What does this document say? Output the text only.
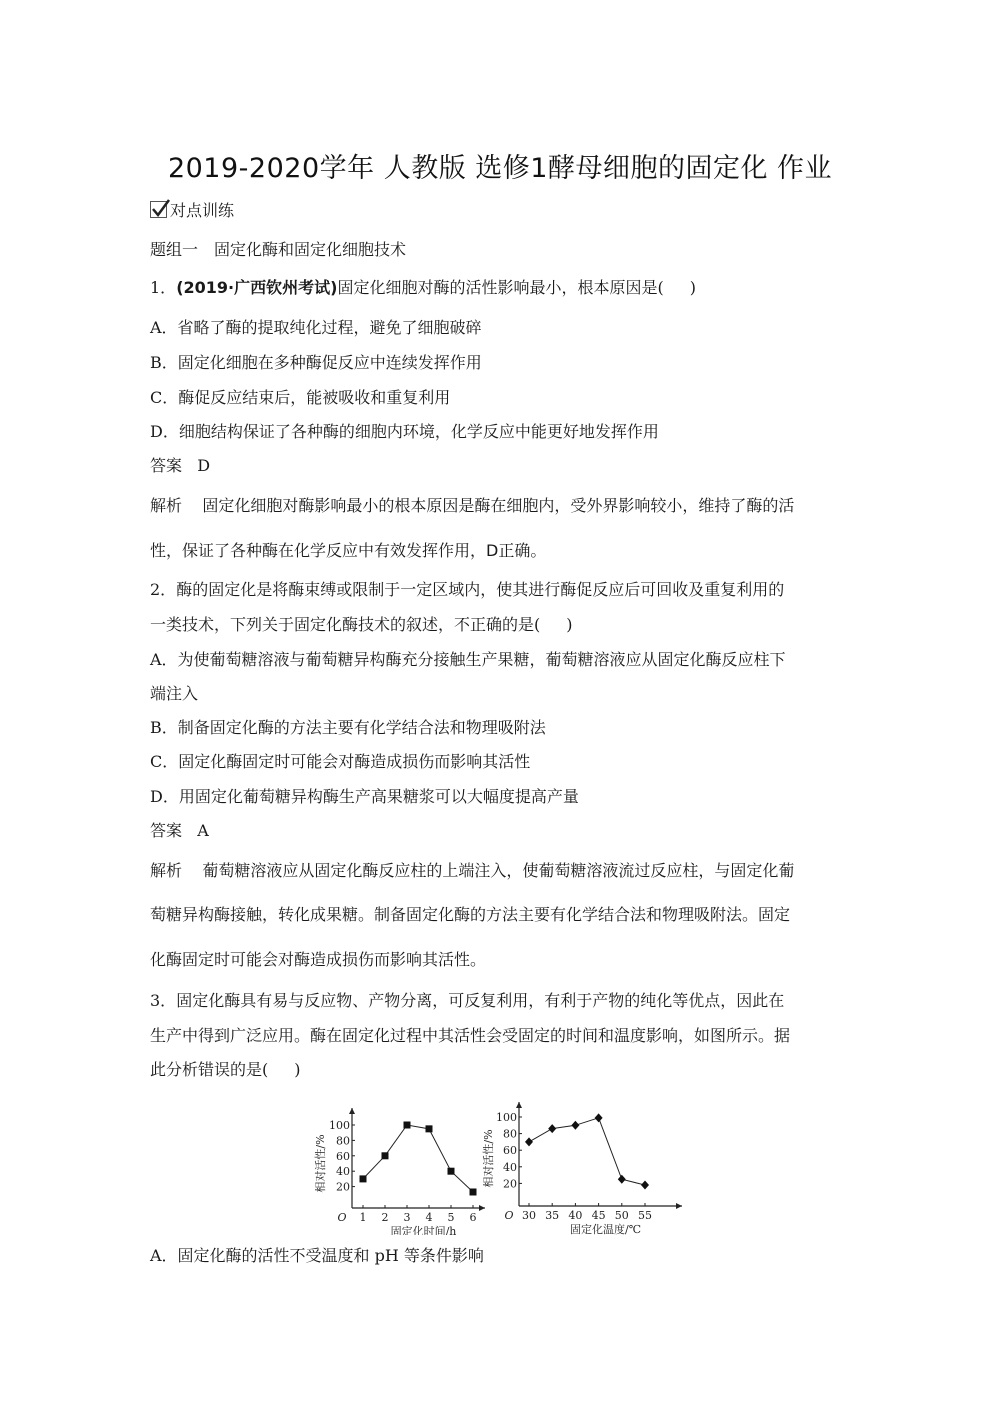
2019-2020学年 人教版 选修1酵母细胞的固定化 作业
对点训练
题组一　固定化酶和固定化细胞技术
1．(2019·广西钦州考试)固定化细胞对酶的活性影响最小，根本原因是( )
A．省略了酶的提取纯化过程，避免了细胞破碎
B．固定化细胞在多种酶促反应中连续发挥作用
C．酶促反应结束后，能被吸收和重复利用
D．细胞结构保证了各种酶的细胞内环境，化学反应中能更好地发挥作用
答案 D
解析 固定化细胞对酶影响最小的根本原因是酶在细胞内，受外界影响较小，维持了酶的活
性，保证了各种酶在化学反应中有效发挥作用，D正确。
2．酶的固定化是将酶束缚或限制于一定区域内，使其进行酶促反应后可回收及重复利用的
一类技术，下列关于固定化酶技术的叙述，不正确的是( )
A．为使葡萄糖溶液与葡萄糖异构酶充分接触生产果糖，葡萄糖溶液应从固定化酶反应柱下
端注入
B．制备固定化酶的方法主要有化学结合法和物理吸附法
C．固定化酶固定时可能会对酶造成损伤而影响其活性
D．用固定化葡萄糖异构酶生产高果糖浆可以大幅度提高产量
答案 A
解析 葡萄糖溶液应从固定化酶反应柱的上端注入，使葡萄糖溶液流过反应柱，与固定化葡
萄糖异构酶接触，转化成果糖。制备固定化酶的方法主要有化学结合法和物理吸附法。固定
化酶固定时可能会对酶造成损伤而影响其活性。
3．固定化酶具有易与反应物、产物分离，可反复利用，有利于产物的纯化等优点，因此在
生产中得到广泛应用。酶在固定化过程中其活性会受固定的时间和温度影响，如图所示。据
此分析错误的是( )
20
40
60
80
100
1 2 3 4 5 6
O
固定化时间/h
相对活性/%	20
40
60
80
100
30 35 40 45 50 55
O
固定化温度/℃
相对活性/%
A．固定化酶的活性不受温度和 pH 等条件影响
